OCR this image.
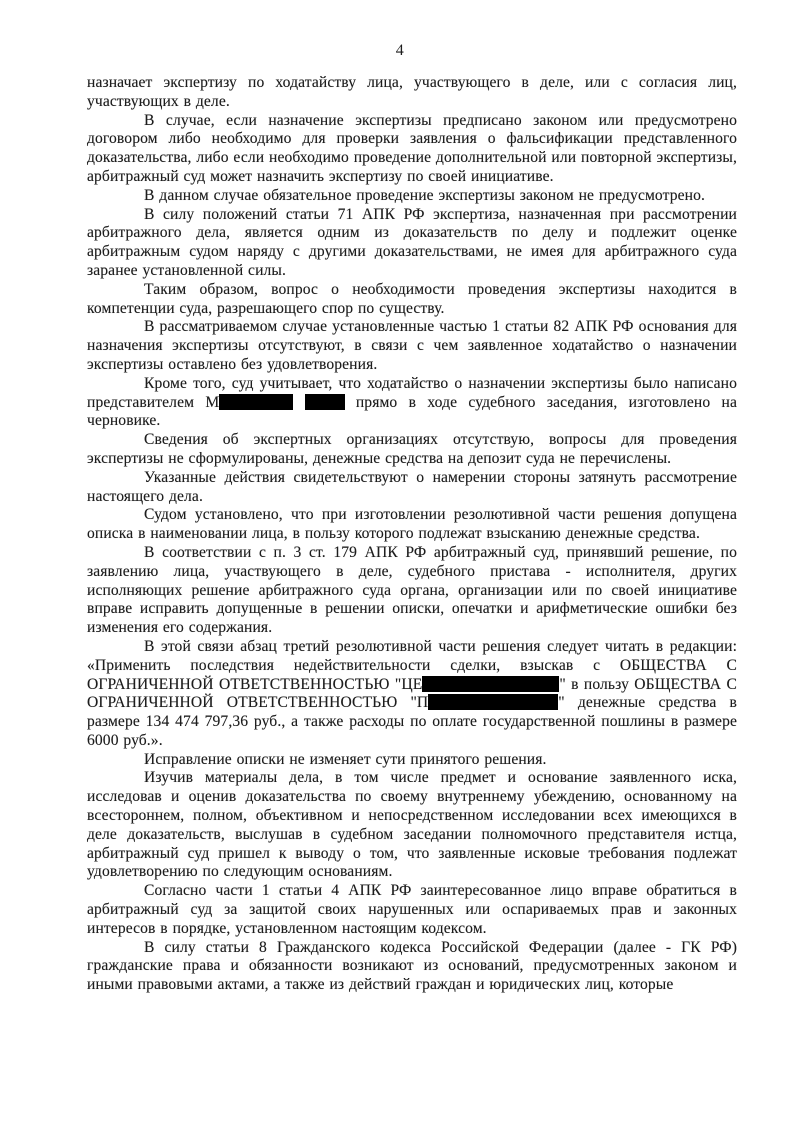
4

назначает экспертизу по ходатайству лица, участвующего в деле, или с согласия лиц, участвующих в деле.

В случае, если назначение экспертизы предписано законом или предусмотрено договором либо необходимо для проверки заявления о фальсификации представленного доказательства, либо если необходимо проведение дополнительной или повторной экспертизы, арбитражный суд может назначить экспертизу по своей инициативе.

В данном случае обязательное проведение экспертизы законом не предусмотрено.

В силу положений статьи 71 АПК РФ экспертиза, назначенная при рассмотрении арбитражного дела, является одним из доказательств по делу и подлежит оценке арбитражным судом наряду с другими доказательствами, не имея для арбитражного суда заранее установленной силы.

Таким образом, вопрос о необходимости проведения экспертизы находится в компетенции суда, разрешающего спор по существу.

В рассматриваемом случае установленные частью 1 статьи 82 АПК РФ основания для назначения экспертизы отсутствуют, в связи с чем заявленное ходатайство о назначении экспертизы оставлено без удовлетворения.

Кроме того, суд учитывает, что ходатайство о назначении экспертизы было написано представителем М	прямо в ходе судебного заседания, изготовлено на черновике.

Сведения об экспертных организациях отсутствую, вопросы для проведения экспертизы не сформулированы, денежные средства на депозит суда не перечислены.

Указанные действия свидетельствуют о намерении стороны затянуть рассмотрение настоящего дела.

Судом установлено, что при изготовлении резолютивной части решения допущена описка в наименовании лица, в пользу которого подлежат взысканию денежные средства.

В соответствии с п. 3 ст. 179 АПК РФ арбитражный суд, принявший решение, по заявлению лица, участвующего в деле, судебного пристава - исполнителя, других исполняющих решение арбитражного суда органа, организации или по своей инициативе вправе исправить допущенные в решении описки, опечатки и арифметические ошибки без изменения его содержания.

В этой связи абзац третий резолютивной части решения следует читать в редакции: «Применить последствия недействительности сделки, взыскав с ОБЩЕСТВА С ОГРАНИЧЕННОЙ ОТВЕТСТВЕННОСТЬЮ "ЦЕ	" в пользу ОБЩЕСТВА С ОГРАНИЧЕННОЙ ОТВЕТСТВЕННОСТЬЮ "П	" денежные средства в размере 134 474 797,36 руб., а также расходы по оплате государственной пошлины в размере 6000 руб.».

Исправление описки не изменяет сути принятого решения.

Изучив материалы дела, в том числе предмет и основание заявленного иска, исследовав и оценив доказательства по своему внутреннему убеждению, основанному на всестороннем, полном, объективном и непосредственном исследовании всех имеющихся в деле доказательств, выслушав в судебном заседании полномочного представителя истца, арбитражный суд пришел к выводу о том, что заявленные исковые требования подлежат удовлетворению по следующим основаниям.

Согласно части 1 статьи 4 АПК РФ заинтересованное лицо вправе обратиться в арбитражный суд за защитой своих нарушенных или оспариваемых прав и законных интересов в порядке, установленном настоящим кодексом.

В силу статьи 8 Гражданского кодекса Российской Федерации (далее - ГК РФ) гражданские права и обязанности возникают из оснований, предусмотренных законом и иными правовыми актами, а также из действий граждан и юридических лиц, которые
